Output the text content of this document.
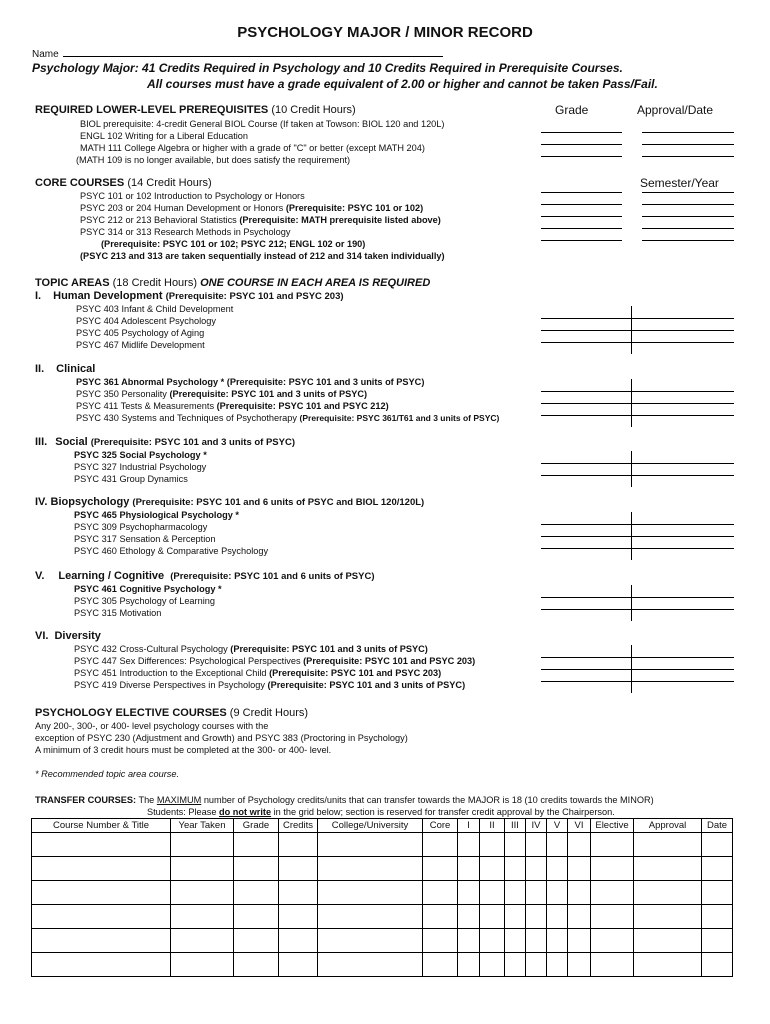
PSYCHOLOGY MAJOR / MINOR RECORD
Name
Psychology Major: 41 Credits Required in Psychology and 10 Credits Required in Prerequisite Courses.
All courses must have a grade equivalent of 2.00 or higher and cannot be taken Pass/Fail.
Grade	Approval/Date
Semester/Year
REQUIRED LOWER-LEVEL PREREQUISITES (10 Credit Hours)
BIOL prerequisite: 4-credit General BIOL Course (If taken at Towson: BIOL 120 and 120L)
ENGL 102 Writing for a Liberal Education
MATH 111 College Algebra or higher with a grade of "C" or better (except MATH 204)
(MATH 109 is no longer available, but does satisfy the requirement)
CORE COURSES (14 Credit Hours)
PSYC 101 or 102 Introduction to Psychology or Honors
PSYC 203 or 204 Human Development or Honors (Prerequisite: PSYC 101 or 102)
PSYC 212 or 213 Behavioral Statistics (Prerequisite: MATH prerequisite listed above)
PSYC 314 or 313 Research Methods in Psychology
(Prerequisite: PSYC 101 or 102; PSYC 212; ENGL 102 or 190)
(PSYC 213 and 313 are taken sequentially instead of 212 and 314 taken individually)
TOPIC AREAS (18 Credit Hours) ONE COURSE IN EACH AREA IS REQUIRED
I. Human Development (Prerequisite: PSYC 101 and PSYC 203)
PSYC 403 Infant & Child Development
PSYC 404 Adolescent Psychology
PSYC 405 Psychology of Aging
PSYC 467 Midlife Development
II. Clinical
PSYC 361 Abnormal Psychology * (Prerequisite: PSYC 101 and 3 units of PSYC)
PSYC 350 Personality (Prerequisite: PSYC 101 and 3 units of PSYC)
PSYC 411 Tests & Measurements (Prerequisite: PSYC 101 and PSYC 212)
PSYC 430 Systems and Techniques of Psychotherapy (Prerequisite: PSYC 361/T61 and 3 units of PSYC)
III. Social (Prerequisite: PSYC 101 and 3 units of PSYC)
PSYC 325 Social Psychology *
PSYC 327 Industrial Psychology
PSYC 431 Group Dynamics
IV. Biopsychology (Prerequisite: PSYC 101 and 6 units of PSYC and BIOL 120/120L)
PSYC 465 Physiological Psychology *
PSYC 309 Psychopharmacology
PSYC 317 Sensation & Perception
PSYC 460 Ethology & Comparative Psychology
V. Learning / Cognitive (Prerequisite: PSYC 101 and 6 units of PSYC)
PSYC 461 Cognitive Psychology *
PSYC 305 Psychology of Learning
PSYC 315 Motivation
VI. Diversity
PSYC 432 Cross-Cultural Psychology (Prerequisite: PSYC 101 and 3 units of PSYC)
PSYC 447 Sex Differences: Psychological Perspectives (Prerequisite: PSYC 101 and PSYC 203)
PSYC 451 Introduction to the Exceptional Child (Prerequisite: PSYC 101 and PSYC 203)
PSYC 419 Diverse Perspectives in Psychology (Prerequisite: PSYC 101 and 3 units of PSYC)
PSYCHOLOGY ELECTIVE COURSES (9 Credit Hours)
Any 200-, 300-, or 400- level psychology courses with the
exception of PSYC 230 (Adjustment and Growth) and PSYC 383 (Proctoring in Psychology)
A minimum of 3 credit hours must be completed at the 300- or 400- level.
* Recommended topic area course.
TRANSFER COURSES: The MAXIMUM number of Psychology credits/units that can transfer towards the MAJOR is 18 (10 credits towards the MINOR)
Students: Please do not write in the grid below; section is reserved for transfer credit approval by the Chairperson.
Course Number & Title	Year Taken	Grade	Credits	College/University	Core	I	II	III	IV	V	VI	Elective	Approval	Date
